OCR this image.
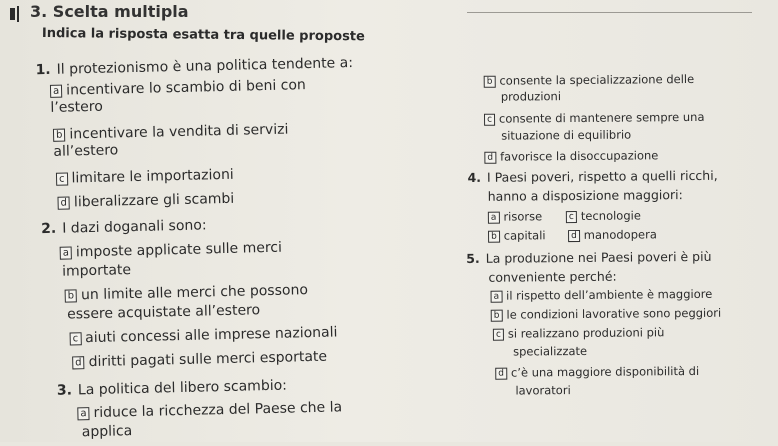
3. Scelta multipla
Indica la risposta esatta tra quelle proposte
1. Il protezionismo è una politica tendente a:
a incentivare lo scambio di beni con
l’estero
b incentivare la vendita di servizi
all’estero
c limitare le importazioni
d liberalizzare gli scambi
2. I dazi doganali sono:
a imposte applicate sulle merci
importate
b un limite alle merci che possono
essere acquistate all’estero
c aiuti concessi alle imprese nazionali
d diritti pagati sulle merci esportate
3. La politica del libero scambio:
a riduce la ricchezza del Paese che la
applica
b consente la specializzazione delle
produzioni
c consente di mantenere sempre una
situazione di equilibrio
d favorisce la disoccupazione
4. I Paesi poveri, rispetto a quelli ricchi,
hanno a disposizione maggiori:
a risorse	c tecnologie
b capitali	d manodopera
5. La produzione nei Paesi poveri è più
conveniente perché:
a il rispetto dell’ambiente è maggiore
b le condizioni lavorative sono peggiori
c si realizzano produzioni più
specializzate
d c’è una maggiore disponibilità di
lavoratori
